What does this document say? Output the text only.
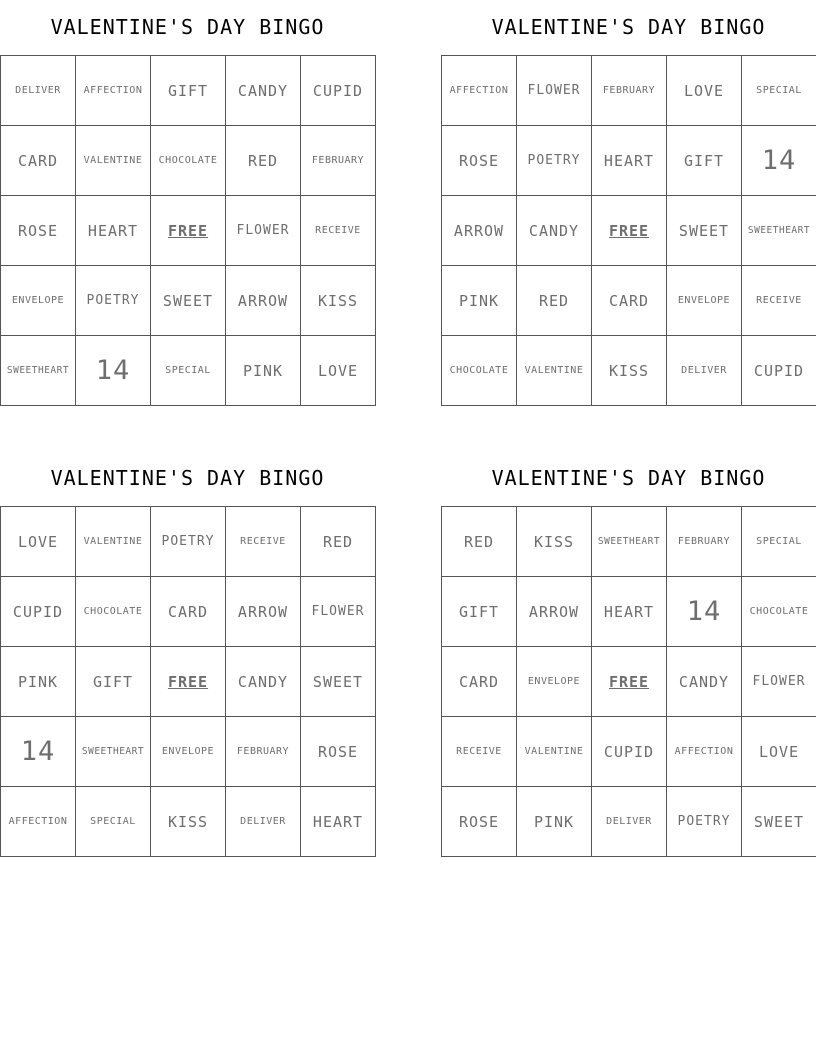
VALENTINE'S DAY BINGO
DELIVER	AFFECTION	GIFT	CANDY	CUPID
CARD	VALENTINE	CHOCOLATE	RED	FEBRUARY
ROSE	HEART	FREE	FLOWER	RECEIVE
ENVELOPE	POETRY	SWEET	ARROW	KISS
SWEETHEART	14	SPECIAL	PINK	LOVE
VALENTINE'S DAY BINGO
AFFECTION	FLOWER	FEBRUARY	LOVE	SPECIAL
ROSE	POETRY	HEART	GIFT	14
ARROW	CANDY	FREE	SWEET	SWEETHEART
PINK	RED	CARD	ENVELOPE	RECEIVE
CHOCOLATE	VALENTINE	KISS	DELIVER	CUPID
VALENTINE'S DAY BINGO
LOVE	VALENTINE	POETRY	RECEIVE	RED
CUPID	CHOCOLATE	CARD	ARROW	FLOWER
PINK	GIFT	FREE	CANDY	SWEET
14	SWEETHEART	ENVELOPE	FEBRUARY	ROSE
AFFECTION	SPECIAL	KISS	DELIVER	HEART
VALENTINE'S DAY BINGO
RED	KISS	SWEETHEART	FEBRUARY	SPECIAL
GIFT	ARROW	HEART	14	CHOCOLATE
CARD	ENVELOPE	FREE	CANDY	FLOWER
RECEIVE	VALENTINE	CUPID	AFFECTION	LOVE
ROSE	PINK	DELIVER	POETRY	SWEET
